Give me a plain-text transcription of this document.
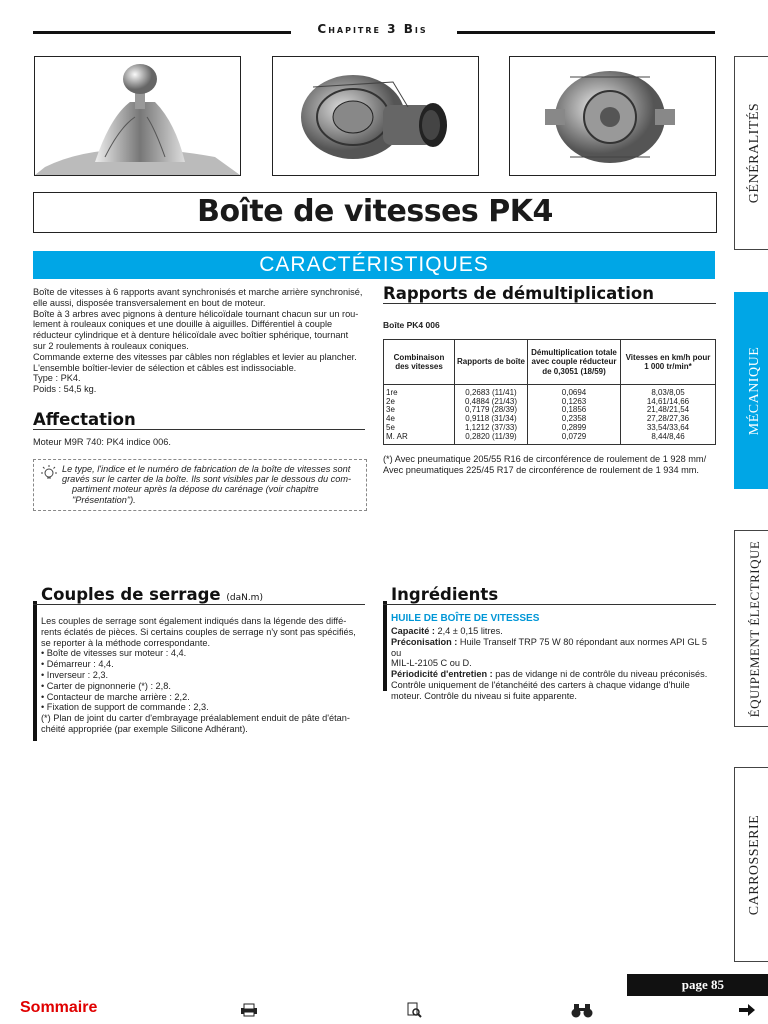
Chapitre 3 Bis
Boîte de vitesses PK4
CARACTÉRISTIQUES
GÉNÉRALITÉS
MÉCANIQUE
ÉQUIPEMENT ÉLECTRIQUE
CARROSSERIE
Boîte de vitesses à 6 rapports avant synchronisés et marche arrière synchronisé,
elle aussi, disposée transversalement en bout de moteur.
Boîte à 3 arbres avec pignons à denture hélicoïdale tournant chacun sur un rou-
lement à rouleaux coniques et une douille à aiguilles. Différentiel à couple
réducteur cylindrique et à denture hélicoïdale avec boîtier sphérique, tournant
sur 2 roulements à rouleaux coniques.
Commande externe des vitesses par câbles non réglables et levier au plancher.
L'ensemble boîtier-levier de sélection et câbles est indissociable.
Type : PK4.
Poids : 54,5 kg.
Affectation
Moteur M9R 740: PK4 indice 006.
Le type, l'indice et le numéro de fabrication de la boîte de vitesses sont
gravés sur le carter de la boîte. Ils sont visibles par le dessous du com-
partiment moteur après la dépose du carénage (voir chapitre
"Présentation").
Rapports de démultiplication
Boîte PK4 006
Combinaison des vitesses	Rapports de boîte	Démultiplication totale avec couple réducteur de 0,3051 (18/59)	Vitesses en km/h pour 1 000 tr/min*
1re	0,2683 (11/41)	0,0694	8,03/8,05
2e	0,4884 (21/43)	0,1263	14,61/14,66
3e	0,7179 (28/39)	0,1856	21,48/21,54
4e	0,9118 (31/34)	0,2358	27,28/27,36
5e	1,1212 (37/33)	0,2899	33,54/33,64
M. AR	0,2820 (11/39)	0,0729	8,44/8,46
(*) Avec pneumatique 205/55 R16 de circonférence de roulement de 1 928 mm/
Avec pneumatiques 225/45 R17 de circonférence de roulement de 1 934 mm.
Couples de serrage (daN.m)
Les couples de serrage sont également indiqués dans la légende des diffé-
rents éclatés de pièces. Si certains couples de serrage n'y sont pas spécifiés,
se reporter à la méthode correspondante.
• Boîte de vitesses sur moteur : 4,4.
• Démarreur : 4,4.
• Inverseur : 2,3.
• Carter de pignonnerie (*) : 2,8.
• Contacteur de marche arrière : 2,2.
• Fixation de support de commande : 2,3.
(*) Plan de joint du carter d'embrayage préalablement enduit de pâte d'étan-
chéité appropriée (par exemple Silicone Adhérant).
Ingrédients
HUILE DE BOÎTE DE VITESSES
Capacité : 2,4 ± 0,15 litres.
Préconisation : Huile Tranself TRP 75 W 80 répondant aux normes API GL 5 ou
MIL-L-2105 C ou D.
Périodicité d'entretien : pas de vidange ni de contrôle du niveau préconisés.
Contrôle uniquement de l'étanchéité des carters à chaque vidange d'huile
moteur. Contrôle du niveau si fuite apparente.
page 85
Sommaire
